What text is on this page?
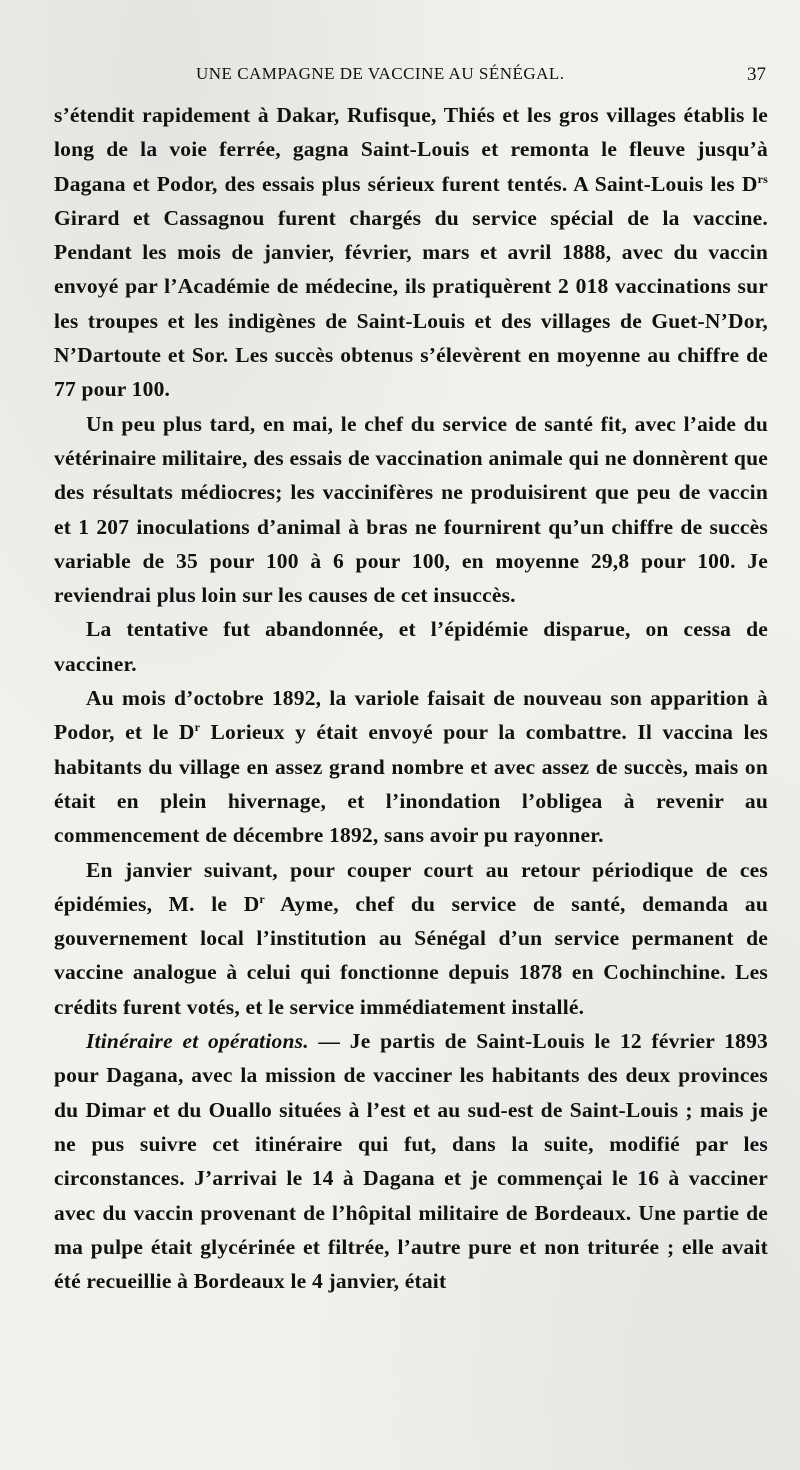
UNE CAMPAGNE DE VACCINE AU SÉNÉGAL.	37

s’étendit rapidement à Dakar, Rufisque, Thiés et les gros villages établis le long de la voie ferrée, gagna Saint-Louis et remonta le fleuve jusqu’à Dagana et Podor, des essais plus sérieux furent tentés. A Saint-Louis les $D^{rs}$ Girard et Cassagnou furent chargés du service spécial de la vaccine. Pendant les mois de janvier, février, mars et avril 1888, avec du vaccin envoyé par l’Académie de médecine, ils pratiquèrent 2 018 vaccinations sur les troupes et les indigènes de Saint-Louis et des villages de Guet-N’Dor, N’Dartoute et Sor. Les succès obtenus s’élevèrent en moyenne au chiffre de 77 pour 100.

Un peu plus tard, en mai, le chef du service de santé fit, avec l’aide du vétérinaire militaire, des essais de vaccination animale qui ne donnèrent que des résultats médiocres; les vaccinifères ne produisirent que peu de vaccin et 1 207 inoculations d’animal à bras ne fournirent qu’un chiffre de succès variable de 35 pour 100 à 6 pour 100, en moyenne 29,8 pour 100. Je reviendrai plus loin sur les causes de cet insuccès.

La tentative fut abandonnée, et l’épidémie disparue, on cessa de vacciner.

Au mois d’octobre 1892, la variole faisait de nouveau son apparition à Podor, et le $D^r$ Lorieux y était envoyé pour la combattre. Il vaccina les habitants du village en assez grand nombre et avec assez de succès, mais on était en plein hivernage, et l’inondation l’obligea à revenir au commencement de décembre 1892, sans avoir pu rayonner.

En janvier suivant, pour couper court au retour périodique de ces épidémies, M. le $D^r$ Ayme, chef du service de santé, demanda au gouvernement local l’institution au Sénégal d’un service permanent de vaccine analogue à celui qui fonctionne depuis 1878 en Cochinchine. Les crédits furent votés, et le service immédiatement installé.

Itinéraire et opérations. — Je partis de Saint-Louis le 12 février 1893 pour Dagana, avec la mission de vacciner les habitants des deux provinces du Dimar et du Ouallo situées à l’est et au sud-est de Saint-Louis ; mais je ne pus suivre cet itinéraire qui fut, dans la suite, modifié par les circonstances. J’arrivai le 14 à Dagana et je commençai le 16 à vacciner avec du vaccin provenant de l’hôpital militaire de Bordeaux. Une partie de ma pulpe était glycérinée et filtrée, l’autre pure et non triturée ; elle avait été recueillie à Bordeaux le 4 janvier, était
